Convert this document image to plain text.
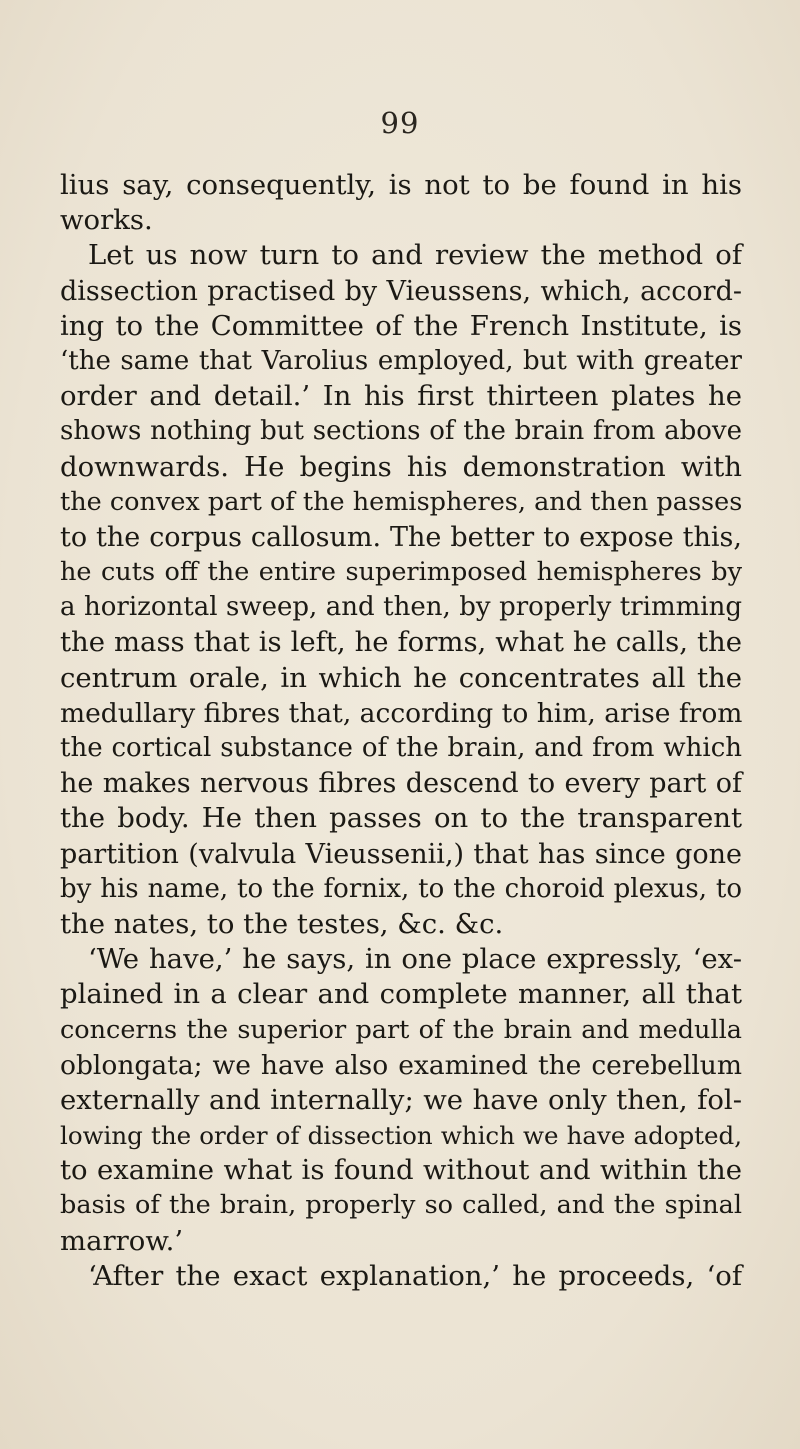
99
lius say, consequently, is not to be found in his
works.
Let us now turn to and review the method of
dissection practised by Vieussens, which, accord-
ing to the Committee of the French Institute, is
‘the same that Varolius employed, but with greater
order and detail.’ In his first thirteen plates he
shows nothing but sections of the brain from above
downwards. He begins his demonstration with
the convex part of the hemispheres, and then passes
to the corpus callosum. The better to expose this,
he cuts off the entire superimposed hemispheres by
a horizontal sweep, and then, by properly trimming
the mass that is left, he forms, what he calls, the
centrum orale, in which he concentrates all the
medullary fibres that, according to him, arise from
the cortical substance of the brain, and from which
he makes nervous fibres descend to every part of
the body. He then passes on to the transparent
partition (valvula Vieussenii,) that has since gone
by his name, to the fornix, to the choroid plexus, to
the nates, to the testes, &c. &c.
‘We have,’ he says, in one place expressly, ‘ex-
plained in a clear and complete manner, all that
concerns the superior part of the brain and medulla
oblongata; we have also examined the cerebellum
externally and internally; we have only then, fol-
lowing the order of dissection which we have adopted,
to examine what is found without and within the
basis of the brain, properly so called, and the spinal
marrow.’
‘After the exact explanation,’ he proceeds, ‘of
